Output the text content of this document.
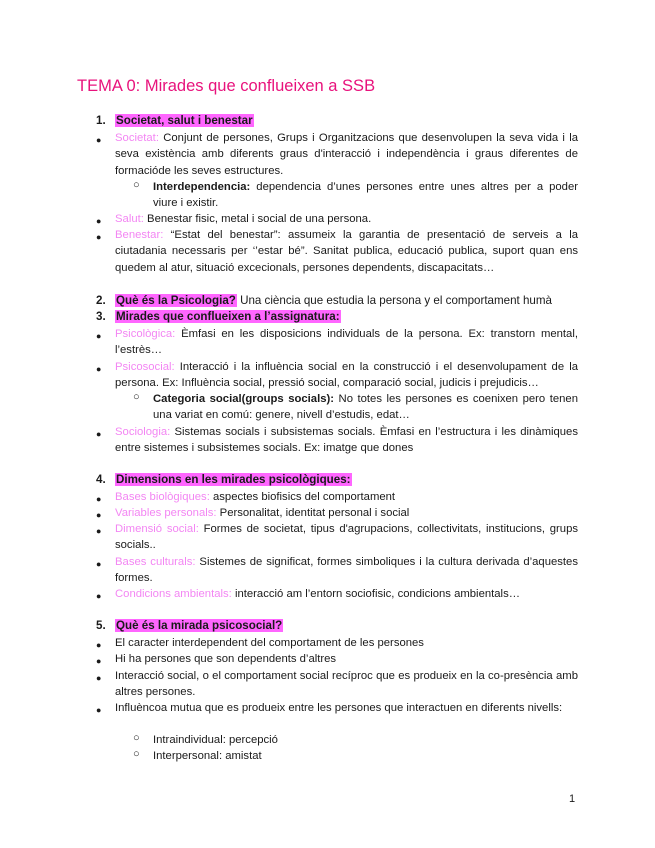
TEMA 0: Mirades que conflueixen a SSB
1. Societat, salut i benestar
● Societat: Conjunt de persones, Grups i Organitzacions que desenvolupen la seva vida i la seva existència amb diferents graus d'interacció i independència i graus diferentes de formacióde les seves estructures.
○ Interdependencia: dependencia d’unes persones entre unes altres per a poder viure i existir.
● Salut: Benestar fisic, metal i social de una persona.
● Benestar: “Estat del benestar”: assumeix la garantia de presentació de serveis a la ciutadania necessaris per ‘’estar bé”. Sanitat publica, educació publica, suport quan ens quedem al atur, situació excecionals, persones dependents, discapacitats…
2. Què és la Psicologia? Una ciència que estudia la persona y el comportament humà
3. Mirades que conflueixen a l’assignatura:
● Psicològica: Èmfasi en les disposicions individuals de la persona. Ex: transtorn mental, l’estrès…
● Psicosocial: Interacció i la influència social en la construcció i el desenvolupament de la persona. Ex: Influència social, pressió social, comparació social, judicis i prejudicis…
○ Categoria social(groups socials): No totes les persones es coenixen pero tenen una variat en comú: genere, nivell d’estudis, edat…
● Sociologia: Sistemas socials i subsistemas socials. Èmfasi en l’estructura i les dinàmiques entre sistemes i subsistemes socials. Ex: imatge que dones
4. Dimensions en les mirades psicològiques:
● Bases biològiques: aspectes biofisics del comportament
● Variables personals: Personalitat, identitat personal i social
● Dimensió social: Formes de societat, tipus d'agrupacions, collectivitats, institucions, grups socials..
● Bases culturals: Sistemes de significat, formes simboliques i la cultura derivada d’aquestes formes.
● Condicions ambientals: interacció am l’entorn sociofisic, condicions ambientals…
5. Què és la mirada psicosocial?
● El caracter interdependent del comportament de les persones
● Hi ha persones que son dependents d’altres
● Interacció social, o el comportament social recíproc que es produeix en la co-presència amb altres persones.
● Influèncoa mutua que es produeix entre les persones que interactuen en diferents nivells:
○ Intraindividual: percepció
○ Interpersonal: amistat
1
